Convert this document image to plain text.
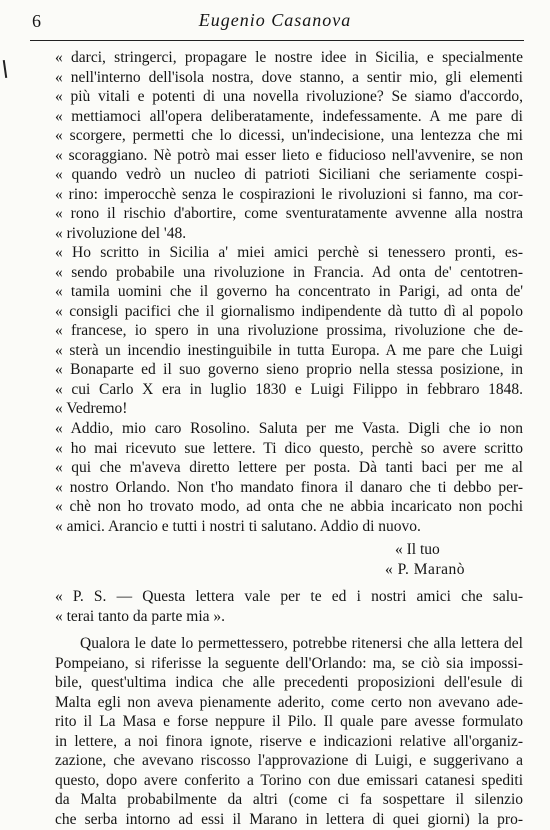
6	Eugenio Casanova
« darci, stringerci, propagare le nostre idee in Sicilia, e specialmente
« nell'interno dell'isola nostra, dove stanno, a sentir mio, gli elementi
« più vitali e potenti di una novella rivoluzione? Se siamo d'accordo,
« mettiamoci all'opera deliberatamente, indefessamente. A me pare di
« scorgere, permetti che lo dicessi, un'indecisione, una lentezza che mi
« scoraggiano. Nè potrò mai esser lieto e fiducioso nell'avvenire, se non
« quando vedrò un nucleo di patrioti Siciliani che seriamente cospi-
« rino: imperocchè senza le cospirazioni le rivoluzioni si fanno, ma cor-
« rono il rischio d'abortire, come sventuratamente avvenne alla nostra
« rivoluzione del '48.
« Ho scritto in Sicilia a' miei amici perchè si tenessero pronti, es-
« sendo probabile una rivoluzione in Francia. Ad onta de' centotren-
« tamila uomini che il governo ha concentrato in Parigi, ad onta de'
« consigli pacifici che il giornalismo indipendente dà tutto dì al popolo
« francese, io spero in una rivoluzione prossima, rivoluzione che de-
« sterà un incendio inestinguibile in tutta Europa. A me pare che Luigi
« Bonaparte ed il suo governo sieno proprio nella stessa posizione, in
« cui Carlo X era in luglio 1830 e Luigi Filippo in febbraro 1848.
« Vedremo!
« Addio, mio caro Rosolino. Saluta per me Vasta. Digli che io non
« ho mai ricevuto sue lettere. Ti dico questo, perchè so avere scritto
« qui che m'aveva diretto lettere per posta. Dà tanti baci per me al
« nostro Orlando. Non t'ho mandato finora il danaro che ti debbo per-
« chè non ho trovato modo, ad onta che ne abbia incaricato non pochi
« amici. Arancio e tutti i nostri ti salutano. Addio di nuovo.
« Il tuo
« P. Maranò
« P. S. — Questa lettera vale per te ed i nostri amici che salu-
« terai tanto da parte mia ».
Qualora le date lo permettessero, potrebbe ritenersi che alla lettera del
Pompeiano, si riferisse la seguente dell'Orlando: ma, se ciò sia impossi-
bile, quest'ultima indica che alle precedenti proposizioni dell'esule di
Malta egli non aveva pienamente aderito, come certo non avevano ade-
rito il La Masa e forse neppure il Pilo. Il quale pare avesse formulato
in lettere, a noi finora ignote, riserve e indicazioni relative all'organiz-
zazione, che avevano riscosso l'approvazione di Luigi, e suggerivano a
questo, dopo avere conferito a Torino con due emissari catanesi spediti
da Malta probabilmente da altri (come ci fa sospettare il silenzio
che serba intorno ad essi il Marano in lettera di quei giorni) la pro-
